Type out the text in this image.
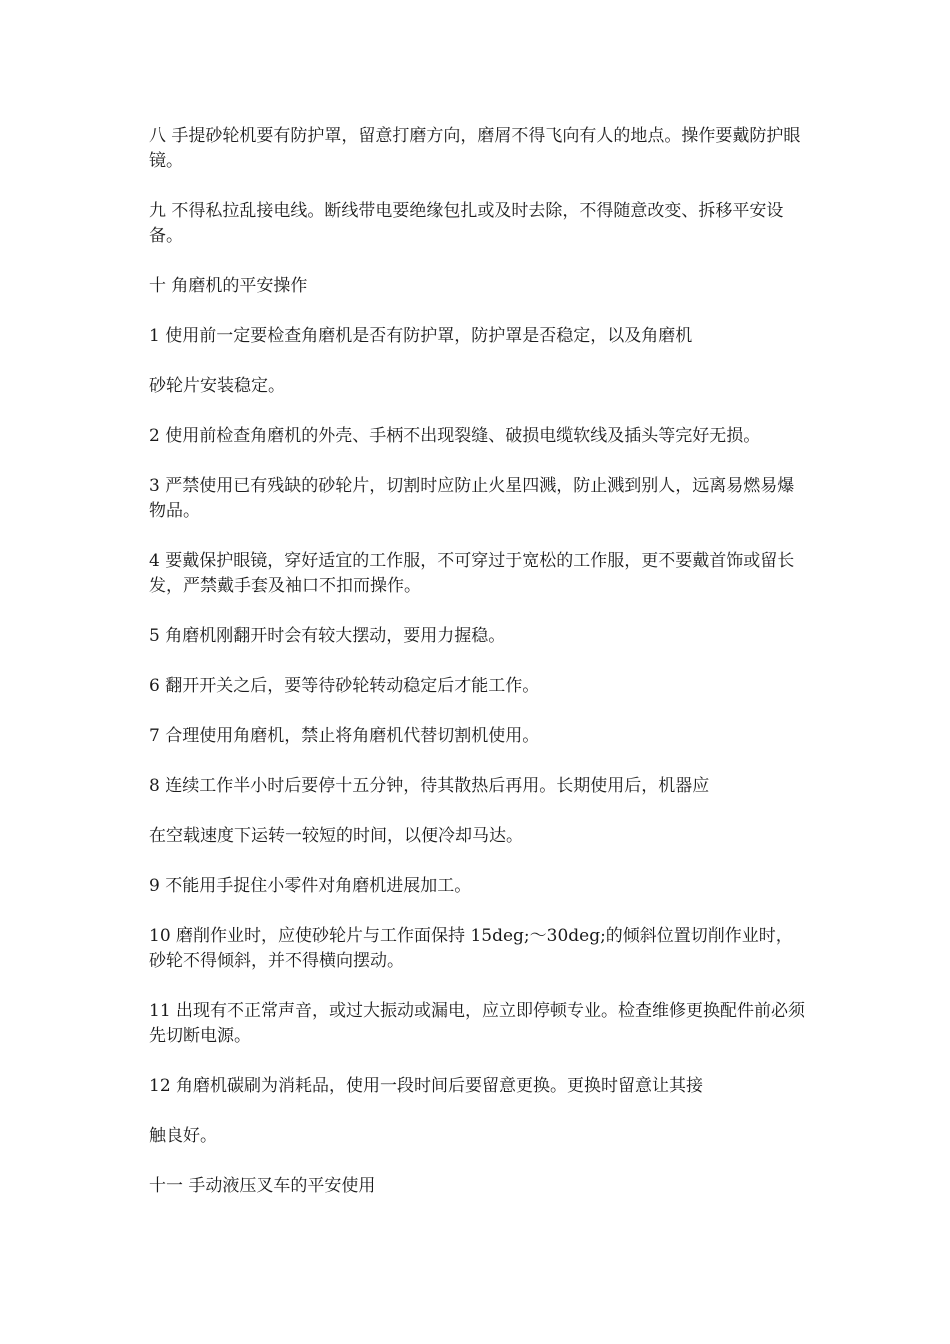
八 手提砂轮机要有防护罩，留意打磨方向，磨屑不得飞向有人的地点。操作要戴防护眼镜。

九 不得私拉乱接电线。断线带电要绝缘包扎或及时去除，不得随意改变、拆移平安设备。

十 角磨机的平安操作

1 使用前一定要检查角磨机是否有防护罩，防护罩是否稳定，以及角磨机

砂轮片安装稳定。

2 使用前检查角磨机的外壳、手柄不出现裂缝、破损电缆软线及插头等完好无损。

3 严禁使用已有残缺的砂轮片，切割时应防止火星四溅，防止溅到别人，远离易燃易爆物品。

4 要戴保护眼镜，穿好适宜的工作服，不可穿过于宽松的工作服，更不要戴首饰或留长发，严禁戴手套及袖口不扣而操作。

5 角磨机刚翻开时会有较大摆动，要用力握稳。

6 翻开开关之后，要等待砂轮转动稳定后才能工作。

7 合理使用角磨机，禁止将角磨机代替切割机使用。

8 连续工作半小时后要停十五分钟，待其散热后再用。长期使用后，机器应

在空载速度下运转一较短的时间，以便冷却马达。

9 不能用手捉住小零件对角磨机进展加工。

10 磨削作业时，应使砂轮片与工作面保持 15deg;～30deg;的倾斜位置切削作业时，砂轮不得倾斜，并不得横向摆动。

11 出现有不正常声音，或过大振动或漏电，应立即停顿专业。检查维修更换配件前必须先切断电源。

12 角磨机碳刷为消耗品，使用一段时间后要留意更换。更换时留意让其接

触良好。

十一 手动液压叉车的平安使用
